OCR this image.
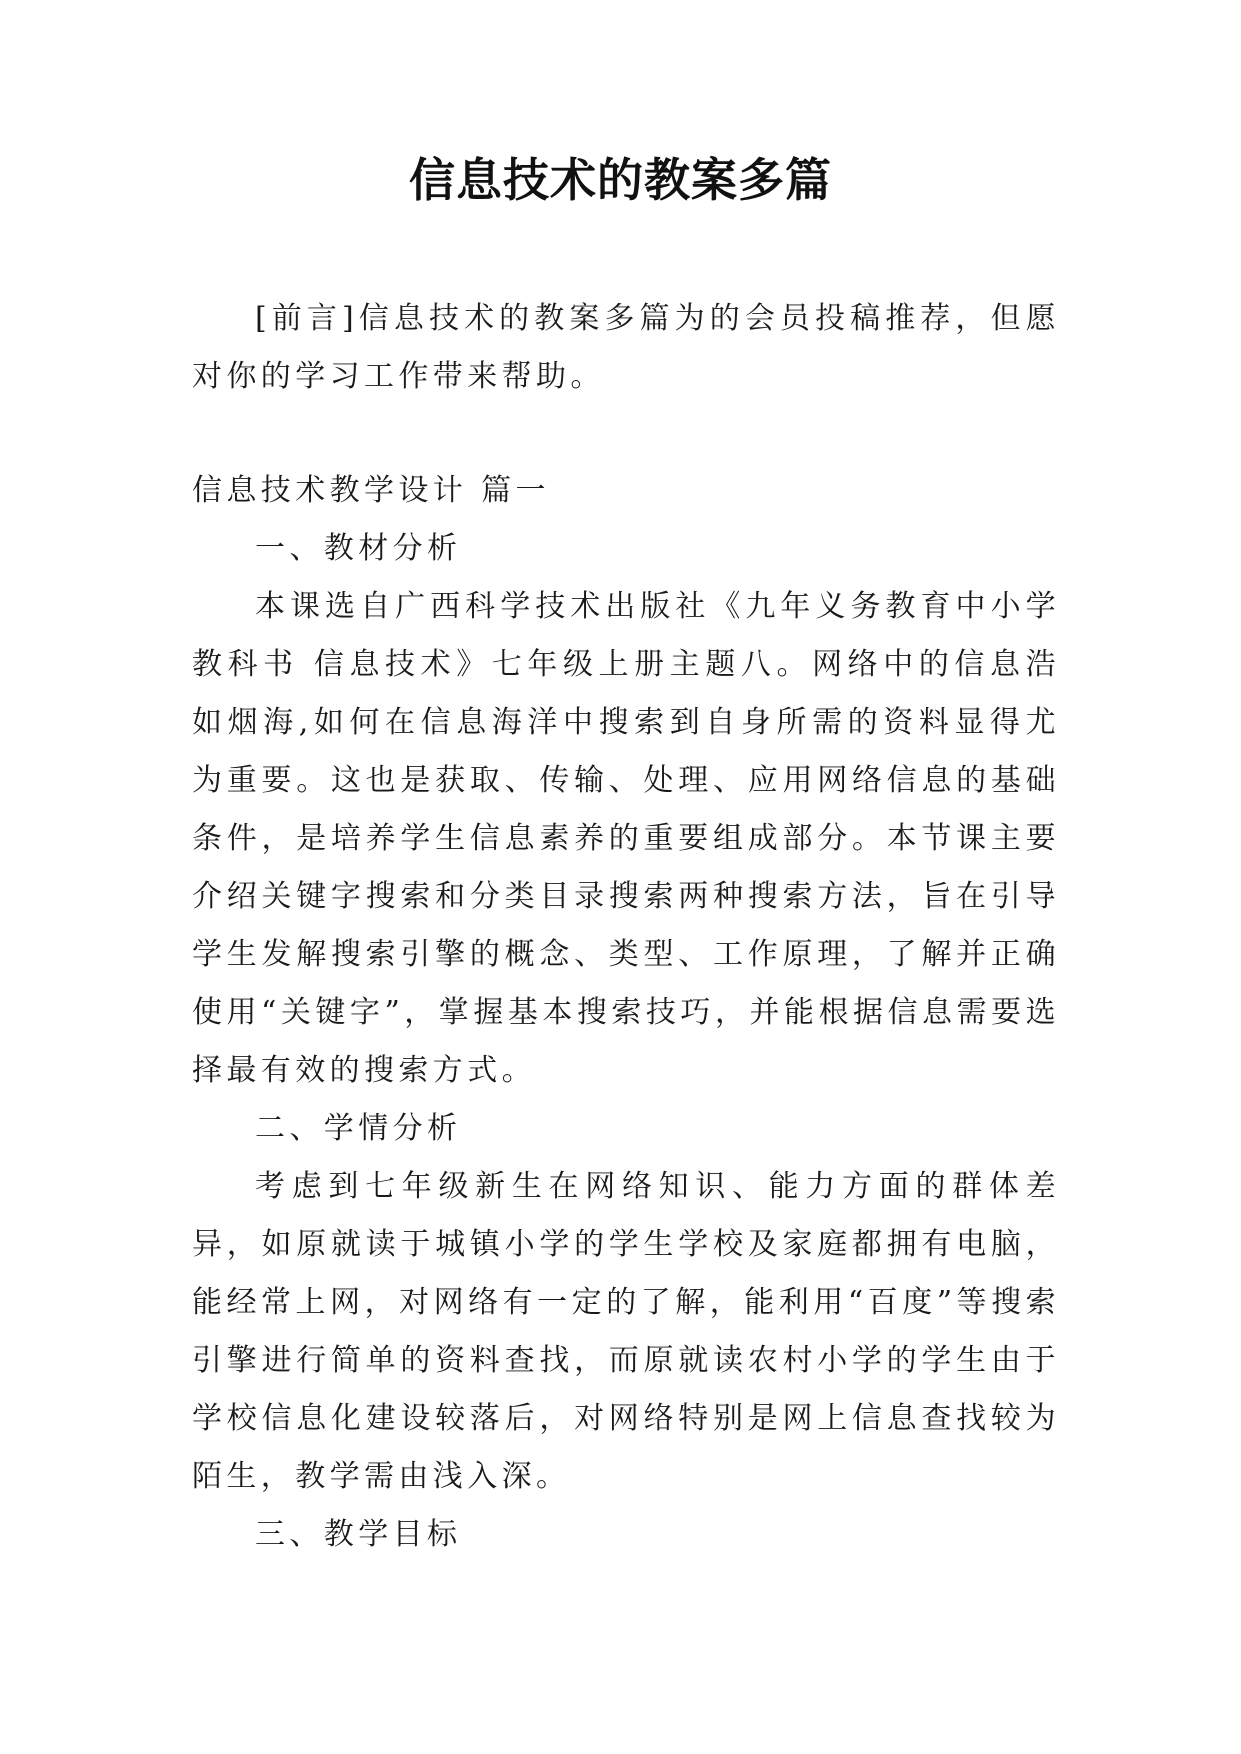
信息技术的教案多篇

[前言]信息技术的教案多篇为的会员投稿推荐，但愿对你的学习工作带来帮助。

信息技术教学设计 篇一

一、教材分析

本课选自广西科学技术出版社《九年义务教育中小学教科书 信息技术》七年级上册主题八。网络中的信息浩如烟海,如何在信息海洋中搜索到自身所需的资料显得尤为重要。这也是获取、传输、处理、应用网络信息的基础条件，是培养学生信息素养的重要组成部分。本节课主要介绍关键字搜索和分类目录搜索两种搜索方法，旨在引导学生发解搜索引擎的概念、类型、工作原理，了解并正确使用“关键字”，掌握基本搜索技巧，并能根据信息需要选择最有效的搜索方式。

二、学情分析

考虑到七年级新生在网络知识、能力方面的群体差异，如原就读于城镇小学的学生学校及家庭都拥有电脑，能经常上网，对网络有一定的了解，能利用“百度”等搜索引擎进行简单的资料查找，而原就读农村小学的学生由于学校信息化建设较落后，对网络特别是网上信息查找较为陌生，教学需由浅入深。

三、教学目标
